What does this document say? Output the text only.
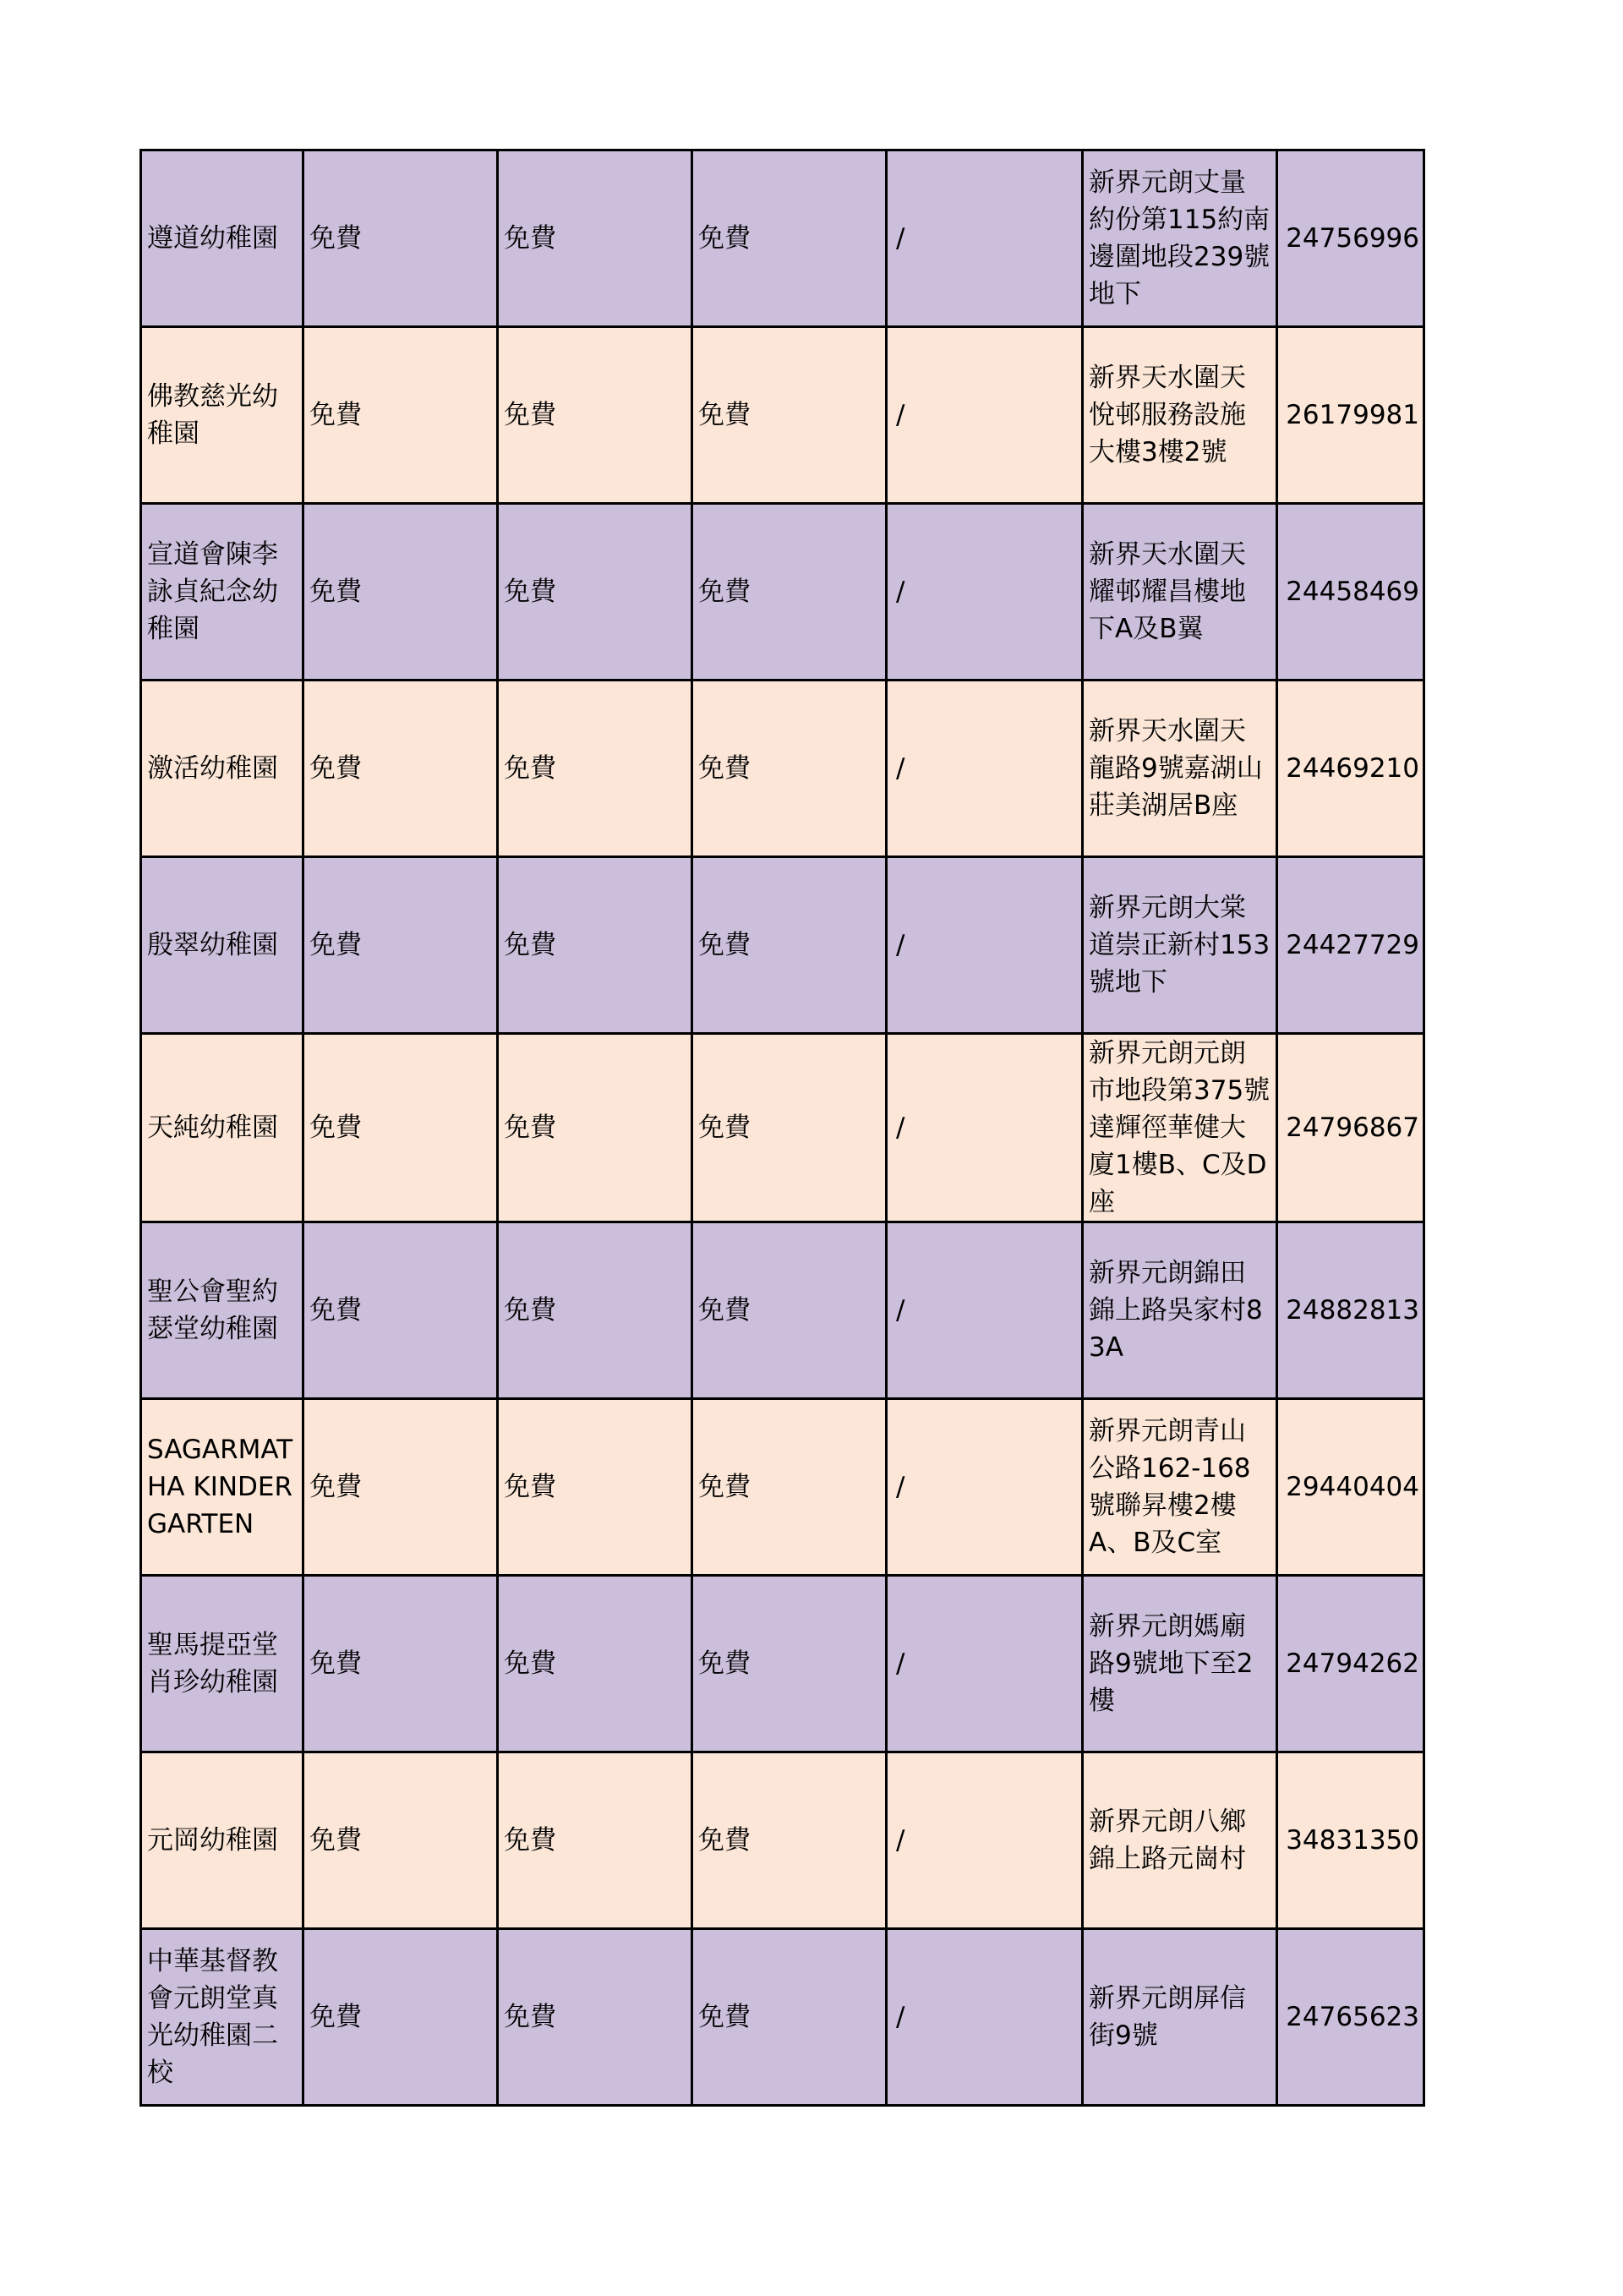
遵道幼稚園	免費	免費	免費	/	新界元朗丈量約份第115約南邊圍地段239號地下	24756996
佛教慈光幼稚園	免費	免費	免費	/	新界天水圍天悅邨服務設施大樓3樓2號	26179981
宣道會陳李詠貞紀念幼稚園	免費	免費	免費	/	新界天水圍天耀邨耀昌樓地下A及B翼	24458469
激活幼稚園	免費	免費	免費	/	新界天水圍天龍路9號嘉湖山莊美湖居B座	24469210
殷翠幼稚園	免費	免費	免費	/	新界元朗大棠道崇正新村153號地下	24427729
天純幼稚園	免費	免費	免費	/	新界元朗元朗市地段第375號達輝徑華健大廈1樓B、C及D座	24796867
聖公會聖約瑟堂幼稚園	免費	免費	免費	/	新界元朗錦田錦上路吳家村83A	24882813
SAGARMATHA KINDERGARTEN	免費	免費	免費	/	新界元朗青山公路162-168號聯昇樓2樓A、B及C室	29440404
聖馬提亞堂肖珍幼稚園	免費	免費	免費	/	新界元朗媽廟路9號地下至2樓	24794262
元岡幼稚園	免費	免費	免費	/	新界元朗八鄉錦上路元崗村	34831350
中華基督教會元朗堂真光幼稚園二校	免費	免費	免費	/	新界元朗屏信街9號	24765623
